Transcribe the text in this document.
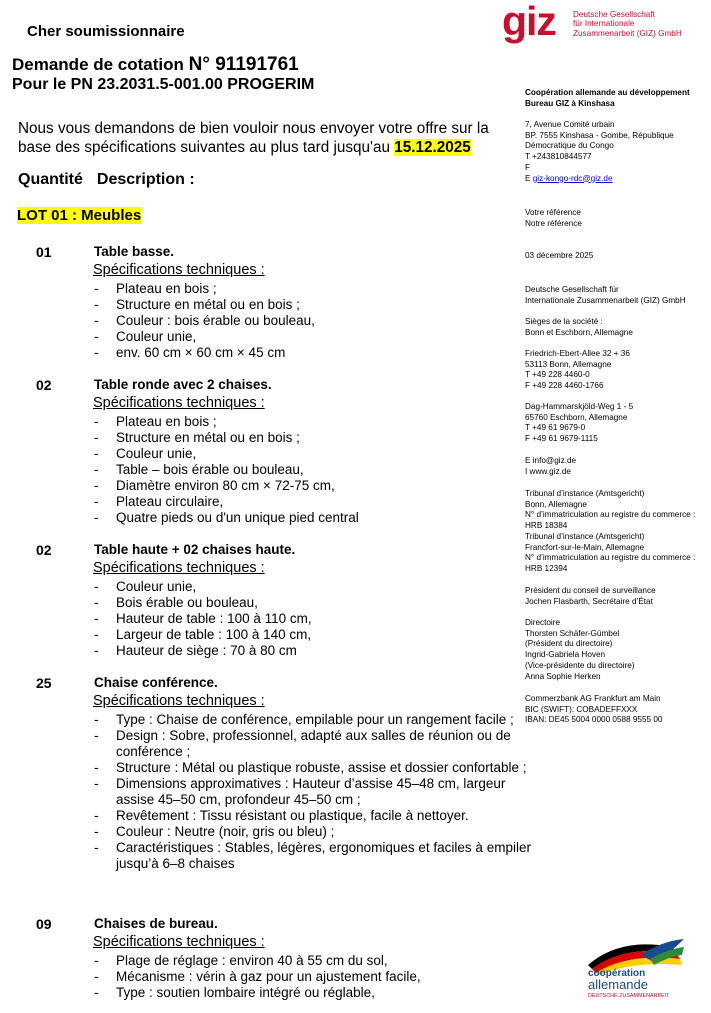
Cher soumissionnaire
Demande de cotation N° 91191761
Pour le PN 23.2031.5-001.00 PROGERIM
giz Deutsche Gesellschaft
für Internationale
Zusammenarbeit (GIZ) GmbH
Nous vous demandons de bien vouloir nous envoyer votre offre sur la base des spécifications suivantes au plus tard jusqu'au 15.12.2025
Quantité Description :
LOT 01 : Meubles
01	Table basse.
Spécifications techniques :
- Plateau en bois ;
- Structure en métal ou en bois ;
- Couleur : bois érable ou bouleau,
- Couleur unie,
- env. 60 cm × 60 cm × 45 cm
02	Table ronde avec 2 chaises.
Spécifications techniques :
- Plateau en bois ;
- Structure en métal ou en bois ;
- Couleur unie,
- Table – bois érable ou bouleau,
- Diamètre environ 80 cm × 72-75 cm,
- Plateau circulaire,
- Quatre pieds ou d'un unique pied central
02	Table haute + 02 chaises haute.
Spécifications techniques :
- Couleur unie,
- Bois érable ou bouleau,
- Hauteur de table : 100 à 110 cm,
- Largeur de table : 100 à 140 cm,
- Hauteur de siège : 70 à 80 cm
25	Chaise conférence.
Spécifications techniques :
- Type : Chaise de conférence, empilable pour un rangement facile ;
- Design : Sobre, professionnel, adapté aux salles de réunion ou de conférence ;
- Structure : Métal ou plastique robuste, assise et dossier confortable ;
- Dimensions approximatives : Hauteur d’assise 45–48 cm, largeur assise 45–50 cm, profondeur 45–50 cm ;
- Revêtement : Tissu résistant ou plastique, facile à nettoyer.
- Couleur : Neutre (noir, gris ou bleu) ;
- Caractéristiques : Stables, légères, ergonomiques et faciles à empiler jusqu’à 6–8 chaises
09	Chaises de bureau.
Spécifications techniques :
- Plage de réglage : environ 40 à 55 cm du sol,
- Mécanisme : vérin à gaz pour un ajustement facile,
- Type : soutien lombaire intégré ou réglable,
Coopération allemande au développement
Bureau GIZ à Kinshasa
7, Avenue Comité urbain
BP. 7555 Kinshasa - Gombe, République
Démocratique du Congo
T +243810844577
F
E giz-kongo-rdc@giz.de
Votre référence
Notre référence
03 décembre 2025
Deutsche Gesellschaft für
Internationale Zusammenarbeit (GIZ) GmbH
Sièges de la société :
Bonn et Eschborn, Allemagne
Friedrich-Ebert-Allee 32 + 36
53113 Bonn, Allemagne
T +49 228 4460-0
F +49 228 4460-1766
Dag-Hammarskjöld-Weg 1 - 5
65760 Eschborn, Allemagne
T +49 61 9679-0
F +49 61 9679-1115
E info@giz.de
I www.giz.de
Tribunal d’instance (Amtsgericht)
Bonn, Allemagne
N° d’immatriculation au registre du commerce :
HRB 18384
Tribunal d’instance (Amtsgericht)
Francfort-sur-le-Main, Allemagne
N° d’immatriculation au registre du commerce :
HRB 12394
Président du conseil de surveillance
Jochen Flasbarth, Secrétaire d’État
Directoire
Thorsten Schäfer-Gümbel
(Président du directoire)
Ingrid-Gabriela Hoven
(Vice-présidente du directoire)
Anna Sophie Herken
Commerzbank AG Frankfurt am Main
BIC (SWIFT): COBADEFFXXX
IBAN: DE45 5004 0000 0588 9555 00
coopération
allemande
DEUTSCHE ZUSAMMENARBEIT
